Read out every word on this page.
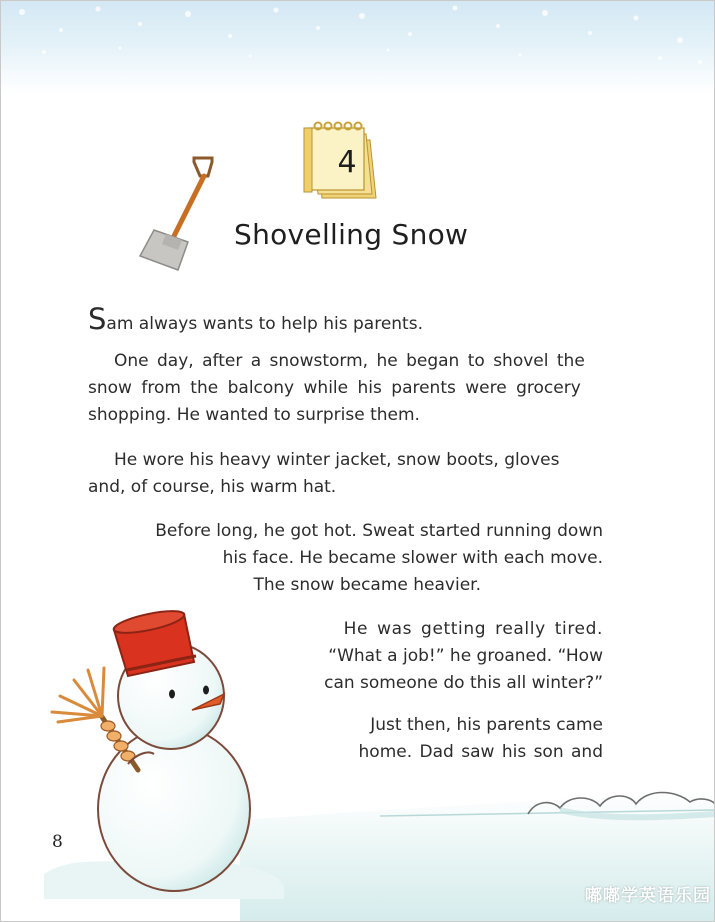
4
Shovelling Snow

Sam always wants to help his parents.

One day, after a snowstorm, he began to shovel the
snow from the balcony while his parents were grocery
shopping. He wanted to surprise them.
He wore his heavy winter jacket, snow boots, gloves
and, of course, his warm hat.
Before long, he got hot. Sweat started running down
his face. He became slower with each move.
The snow became heavier.
He was getting really tired.
“What a job!” he groaned. “How
can someone do this all winter?”
Just then, his parents came
home. Dad saw his son and
8
嘟嘟学英语乐园
